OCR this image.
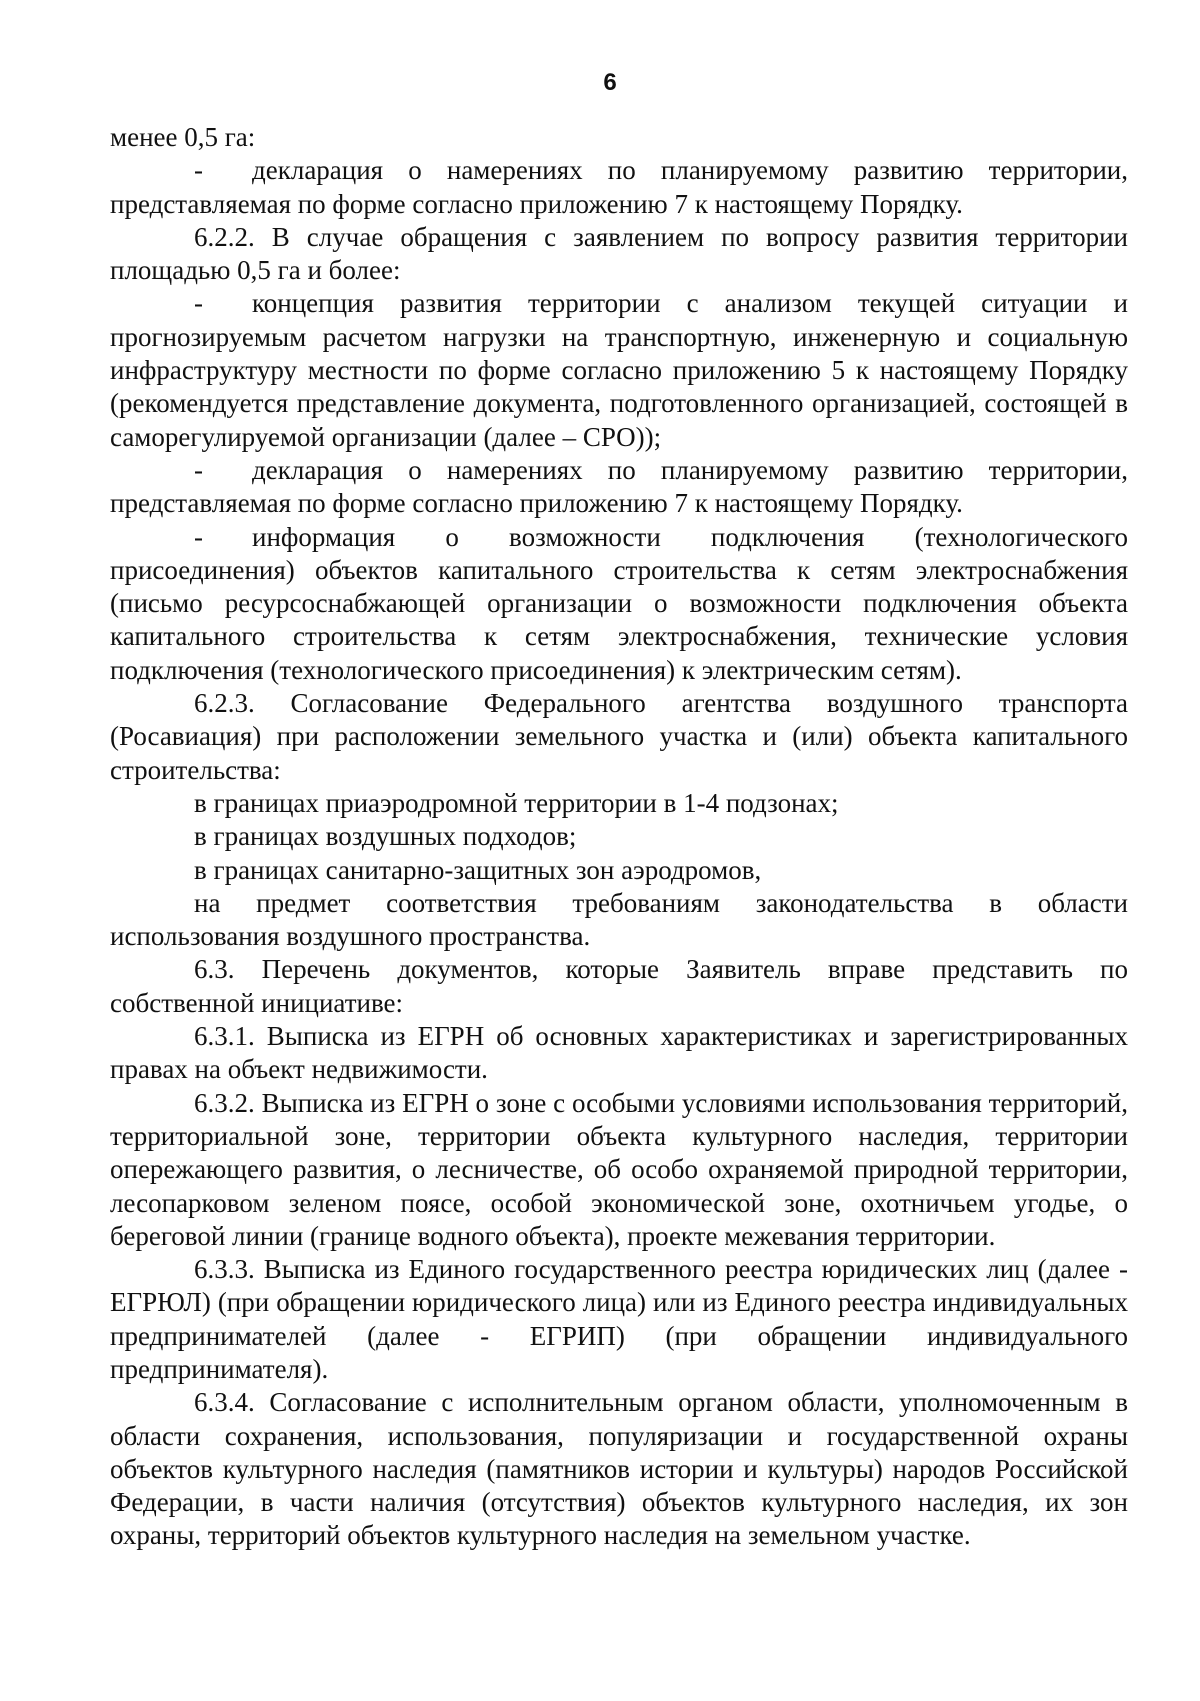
6

менее 0,5 га:

- декларация о намерениях по планируемому развитию территории, представляемая по форме согласно приложению 7 к настоящему Порядку.

6.2.2. В случае обращения с заявлением по вопросу развития территории площадью 0,5 га и более:

- концепция развития территории с анализом текущей ситуации и прогнозируемым расчетом нагрузки на транспортную, инженерную и социальную инфраструктуру местности по форме согласно приложению 5 к настоящему Порядку (рекомендуется представление документа, подготовленного организацией, состоящей в саморегулируемой организации (далее – СРО));

- декларация о намерениях по планируемому развитию территории, представляемая по форме согласно приложению 7 к настоящему Порядку.

- информация о возможности подключения (технологического присоединения) объектов капитального строительства к сетям электроснабжения (письмо ресурсоснабжающей организации о возможности подключения объекта капитального строительства к сетям электроснабжения, технические условия подключения (технологического присоединения) к электрическим сетям).

6.2.3. Согласование Федерального агентства воздушного транспорта (Росавиация) при расположении земельного участка и (или) объекта капитального строительства:

в границах приаэродромной территории в 1-4 подзонах;

в границах воздушных подходов;

в границах санитарно-защитных зон аэродромов,

на предмет соответствия требованиям законодательства в области использования воздушного пространства.

6.3. Перечень документов, которые Заявитель вправе представить по собственной инициативе:

6.3.1. Выписка из ЕГРН об основных характеристиках и зарегистрированных правах на объект недвижимости.

6.3.2. Выписка из ЕГРН о зоне с особыми условиями использования территорий, территориальной зоне, территории объекта культурного наследия, территории опережающего развития, о лесничестве, об особо охраняемой природной территории, лесопарковом зеленом поясе, особой экономической зоне, охотничьем угодье, о береговой линии (границе водного объекта), проекте межевания территории.

6.3.3. Выписка из Единого государственного реестра юридических лиц (далее - ЕГРЮЛ) (при обращении юридического лица) или из Единого реестра индивидуальных предпринимателей (далее - ЕГРИП) (при обращении индивидуального предпринимателя).

6.3.4. Согласование с исполнительным органом области, уполномоченным в области сохранения, использования, популяризации и государственной охраны объектов культурного наследия (памятников истории и культуры) народов Российской Федерации, в части наличия (отсутствия) объектов культурного наследия, их зон охраны, территорий объектов культурного наследия на земельном участке.
